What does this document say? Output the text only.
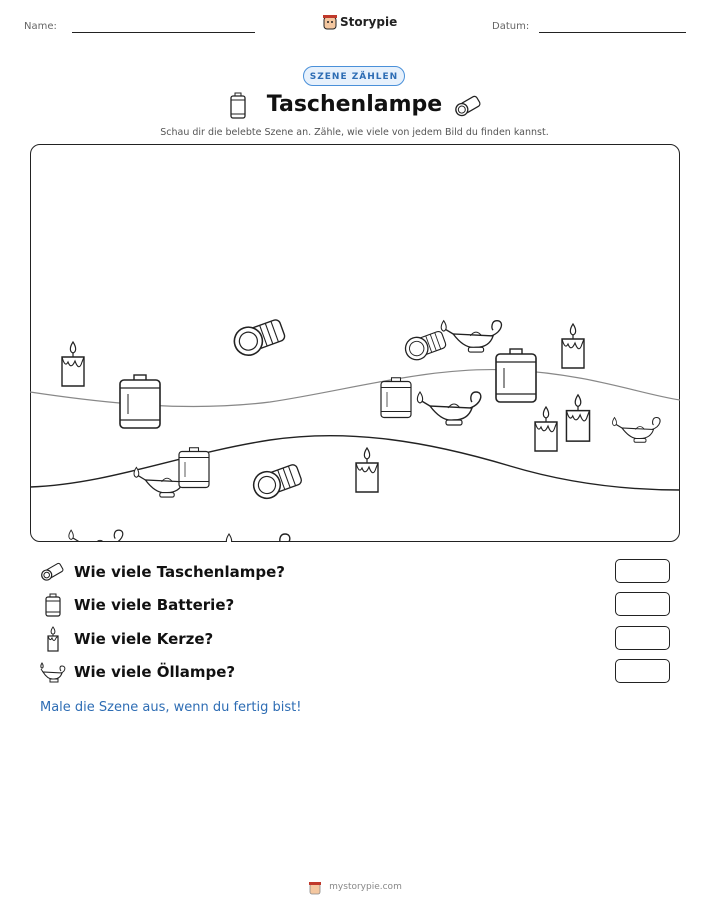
Name:	Storypie	Datum:
SZENE ZÄHLEN
Taschenlampe
Schau dir die belebte Szene an. Zähle, wie viele von jedem Bild du finden kannst.
Wie viele Taschenlampe?
Wie viele Batterie?
Wie viele Kerze?
Wie viele Öllampe?
Male die Szene aus, wenn du fertig bist!
mystorypie.com
